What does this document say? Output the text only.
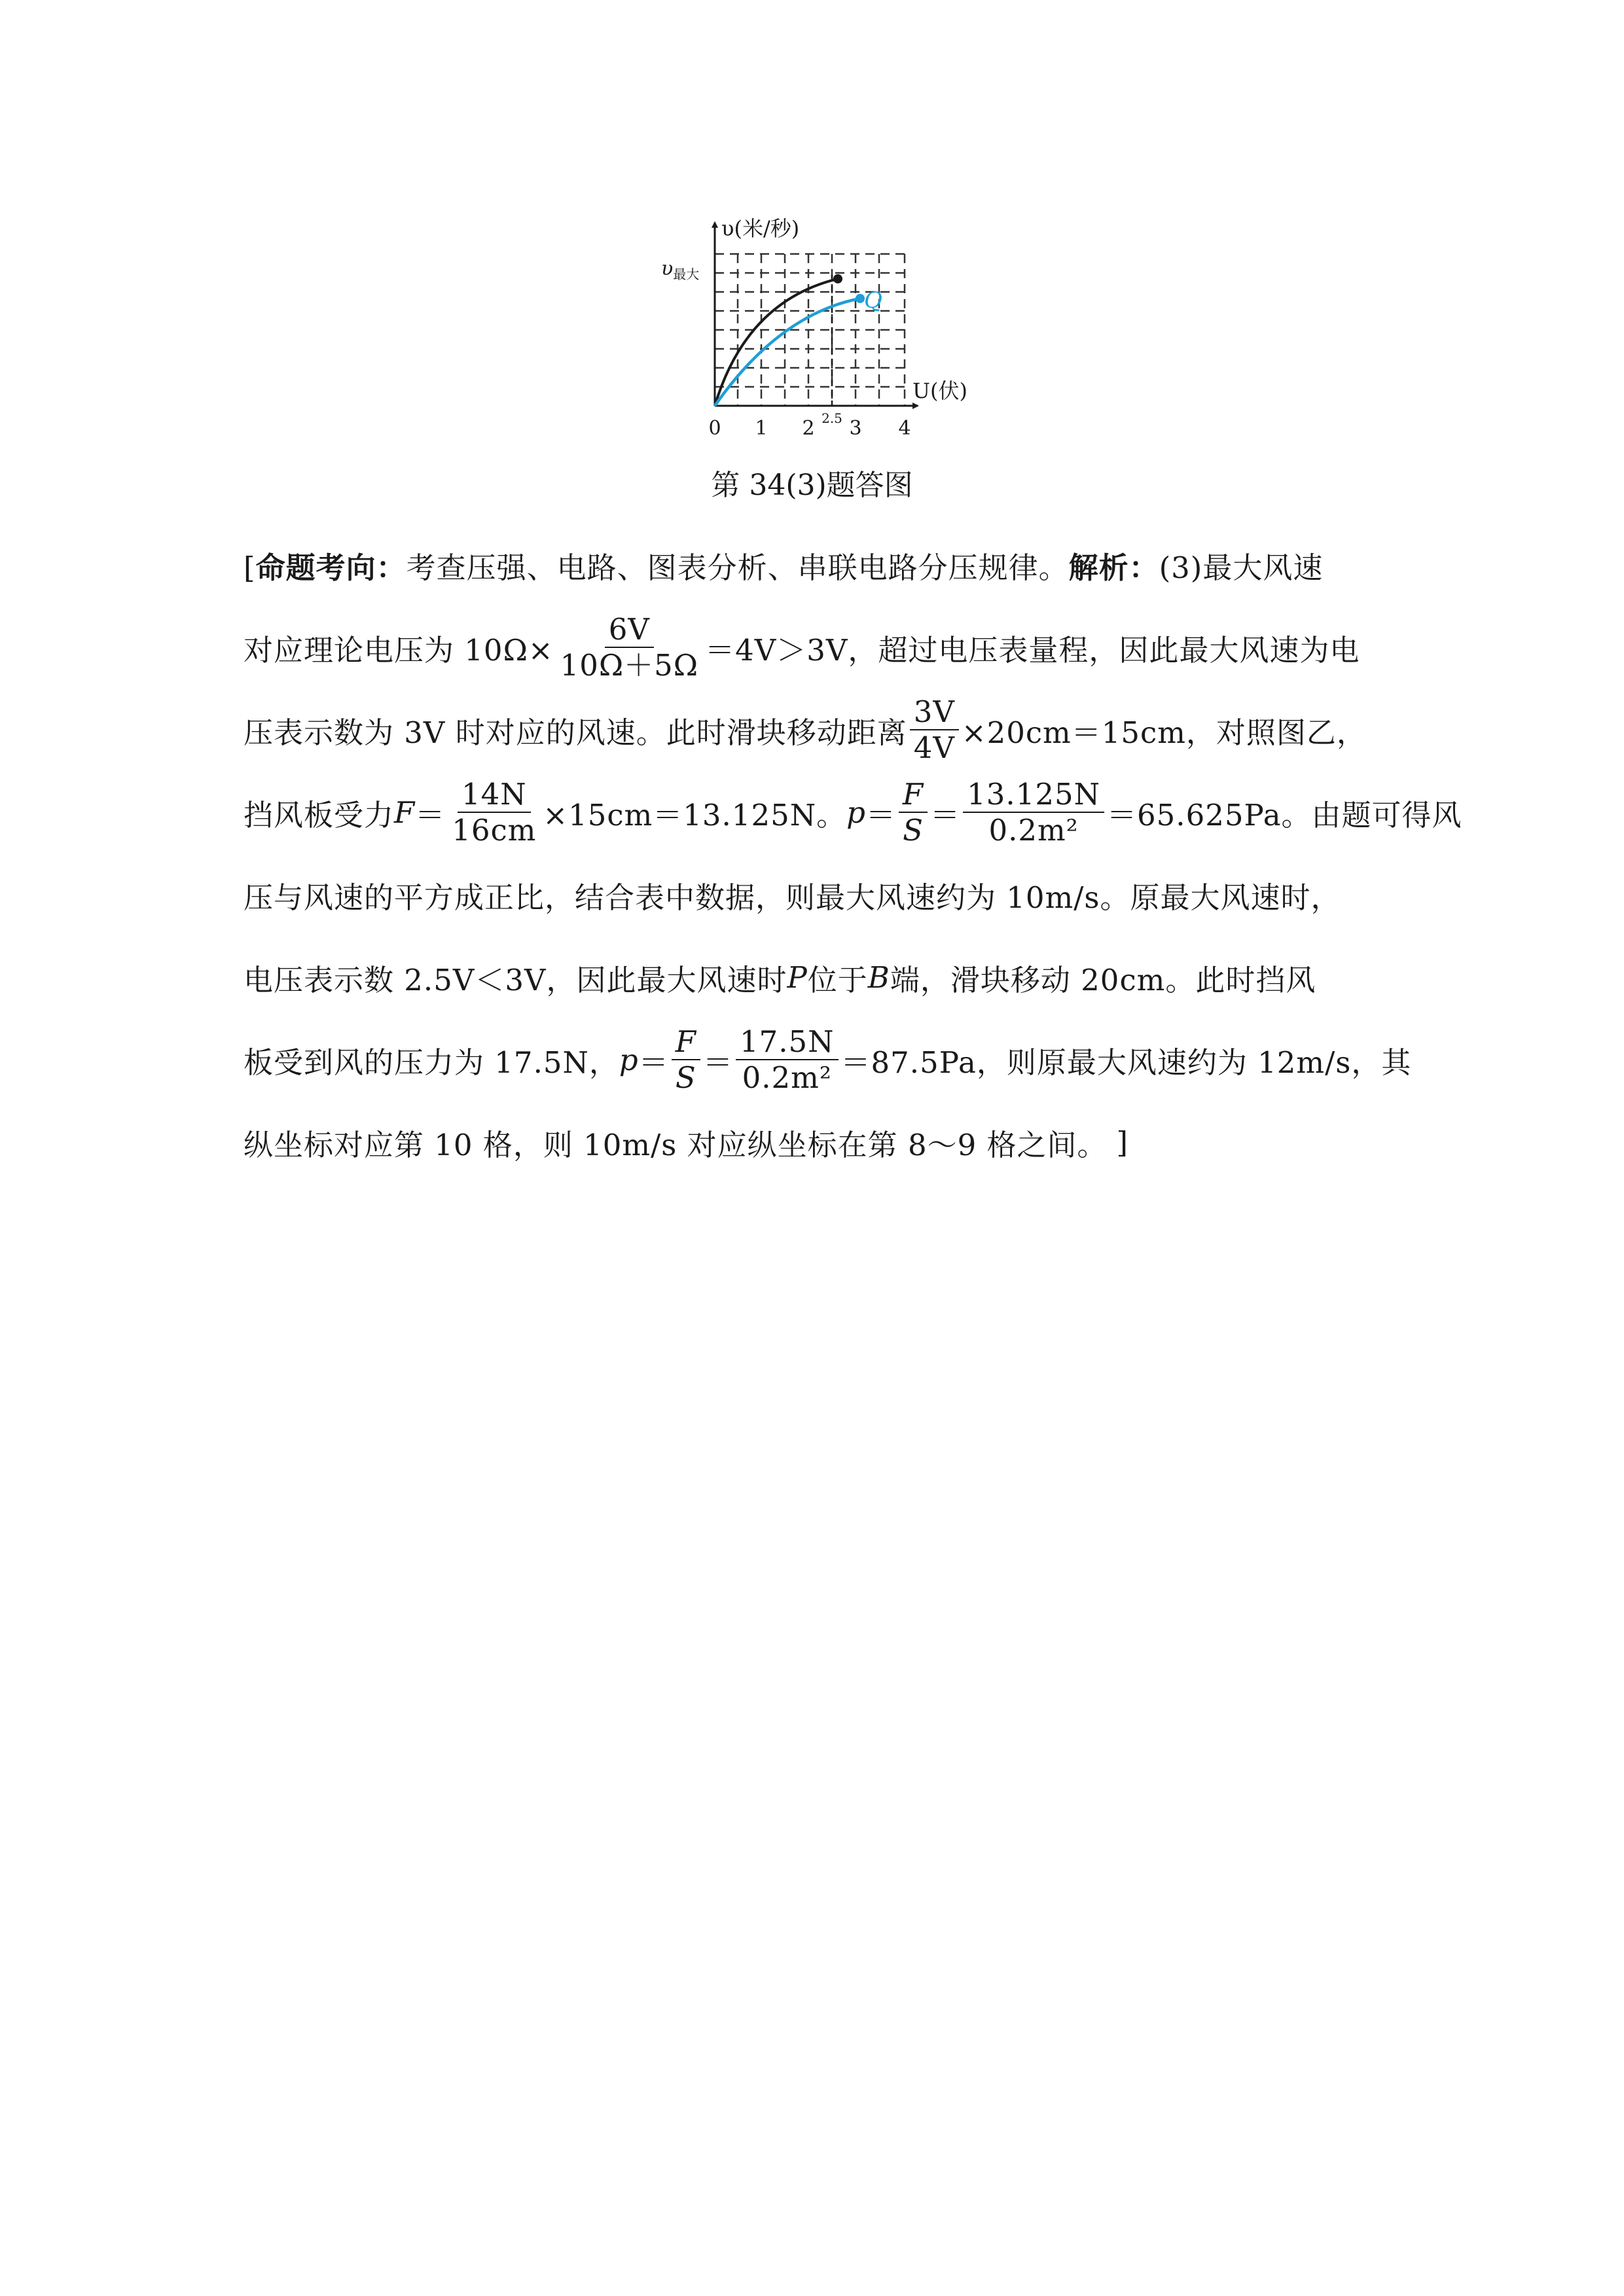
υ(米/秒)
$\upsilon_{最大}$
U(伏)
Q
0 1 2 2.5 3 4
第 34(3)题答图
[命题考向：考查压强、电路、图表分析、串联电路分压规律。解析：(3)最大风速
对应理论电压为 $10\Omega\times \frac{6V}{10\Omega+5\Omega} =4V>3V$，超过电压表量程，因此最大风速为电
压表示数为 3V 时对应的风速。此时滑块移动距离 $\frac{3V}{4V} \times 20cm=15cm$，对照图乙，
挡风板受力 $F = \frac{14N}{16cm} \times 15cm=13.125N$。 $p = \frac{F}{S} = \frac{13.125N}{\text{0.2m²}} =65.625Pa$。由题可得风
压与风速的平方成正比，结合表中数据，则最大风速约为 10m/s。原最大风速时，
电压表示数 2.5V＜3V，因此最大风速时 P 位于 B 端，滑块移动 20cm。此时挡风
板受到风的压力为 17.5N， $p = \frac{F}{S} = \frac{17.5N}{\text{0.2m²}} =87.5Pa$，则原最大风速约为 12m/s，其
纵坐标对应第 10 格，则 10m/s 对应纵坐标在第 8～9 格之间。 ]
